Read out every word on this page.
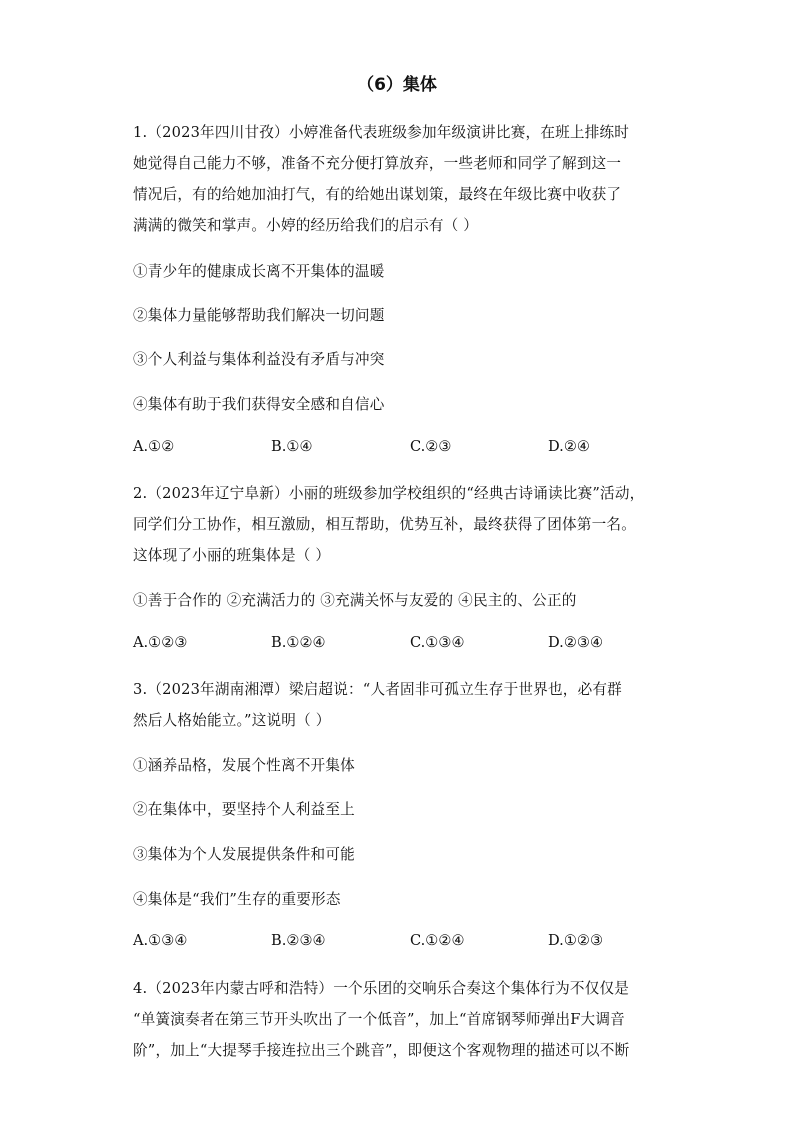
（6）集体
1.（2023年四川甘孜）小婷准备代表班级参加年级演讲比赛，在班上排练时
她觉得自己能力不够，准备不充分便打算放弃，一些老师和同学了解到这一
情况后，有的给她加油打气，有的给她出谋划策，最终在年级比赛中收获了
满满的微笑和掌声。小婷的经历给我们的启示有（ ）
①青少年的健康成长离不开集体的温暖
②集体力量能够帮助我们解决一切问题
③个人利益与集体利益没有矛盾与冲突
④集体有助于我们获得安全感和自信心
A.①②	B.①④	C.②③	D.②④
2.（2023年辽宁阜新）小丽的班级参加学校组织的“经典古诗诵读比赛”活动，
同学们分工协作，相互激励，相互帮助，优势互补，最终获得了团体第一名。
这体现了小丽的班集体是（ ）
①善于合作的 ②充满活力的 ③充满关怀与友爱的 ④民主的、公正的
A.①②③	B.①②④	C.①③④	D.②③④
3.（2023年湖南湘潭）梁启超说：“人者固非可孤立生存于世界也，必有群
然后人格始能立。”这说明（ ）
①涵养品格，发展个性离不开集体
②在集体中，要坚持个人利益至上
③集体为个人发展提供条件和可能
④集体是“我们”生存的重要形态
A.①③④	B.②③④	C.①②④	D.①②③
4.（2023年内蒙古呼和浩特）一个乐团的交响乐合奏这个集体行为不仅仅是
“单簧演奏者在第三节开头吹出了一个低音”，加上“首席钢琴师弹出F大调音
阶”，加上“大提琴手接连拉出三个跳音”，即便这个客观物理的描述可以不断
